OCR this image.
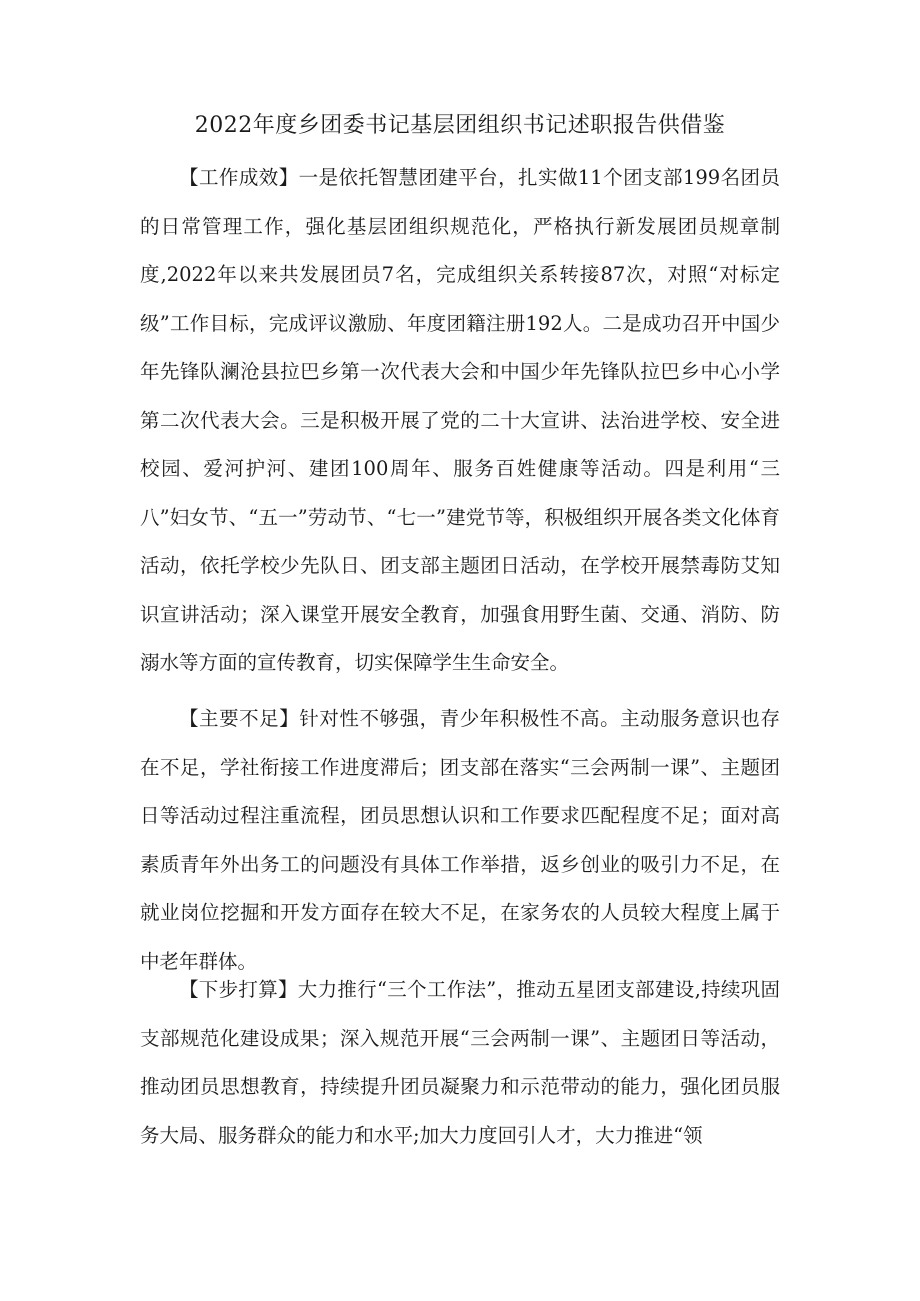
2022年度乡团委书记基层团组织书记述职报告供借鉴

【工作成效】一是依托智慧团建平台，扎实做11个团支部199名团员的日常管理工作，强化基层团组织规范化，严格执行新发展团员规章制度,2022年以来共发展团员7名，完成组织关系转接87次，对照“对标定级”工作目标，完成评议激励、年度团籍注册192人。二是成功召开中国少年先锋队澜沧县拉巴乡第一次代表大会和中国少年先锋队拉巴乡中心小学第二次代表大会。三是积极开展了党的二十大宣讲、法治进学校、安全进校园、爱河护河、建团100周年、服务百姓健康等活动。四是利用“三八”妇女节、“五一”劳动节、“七一”建党节等，积极组织开展各类文化体育活动，依托学校少先队日、团支部主题团日活动，在学校开展禁毒防艾知识宣讲活动；深入课堂开展安全教育，加强食用野生菌、交通、消防、防溺水等方面的宣传教育，切实保障学生生命安全。

【主要不足】针对性不够强，青少年积极性不高。主动服务意识也存在不足，学社衔接工作进度滞后；团支部在落实“三会两制一课”、主题团日等活动过程注重流程，团员思想认识和工作要求匹配程度不足；面对高素质青年外出务工的问题没有具体工作举措，返乡创业的吸引力不足，在就业岗位挖掘和开发方面存在较大不足，在家务农的人员较大程度上属于中老年群体。

【下步打算】大力推行“三个工作法”，推动五星团支部建设,持续巩固支部规范化建设成果；深入规范开展“三会两制一课”、主题团日等活动，推动团员思想教育，持续提升团员凝聚力和示范带动的能力，强化团员服务大局、服务群众的能力和水平;加大力度回引人才，大力推进“领
